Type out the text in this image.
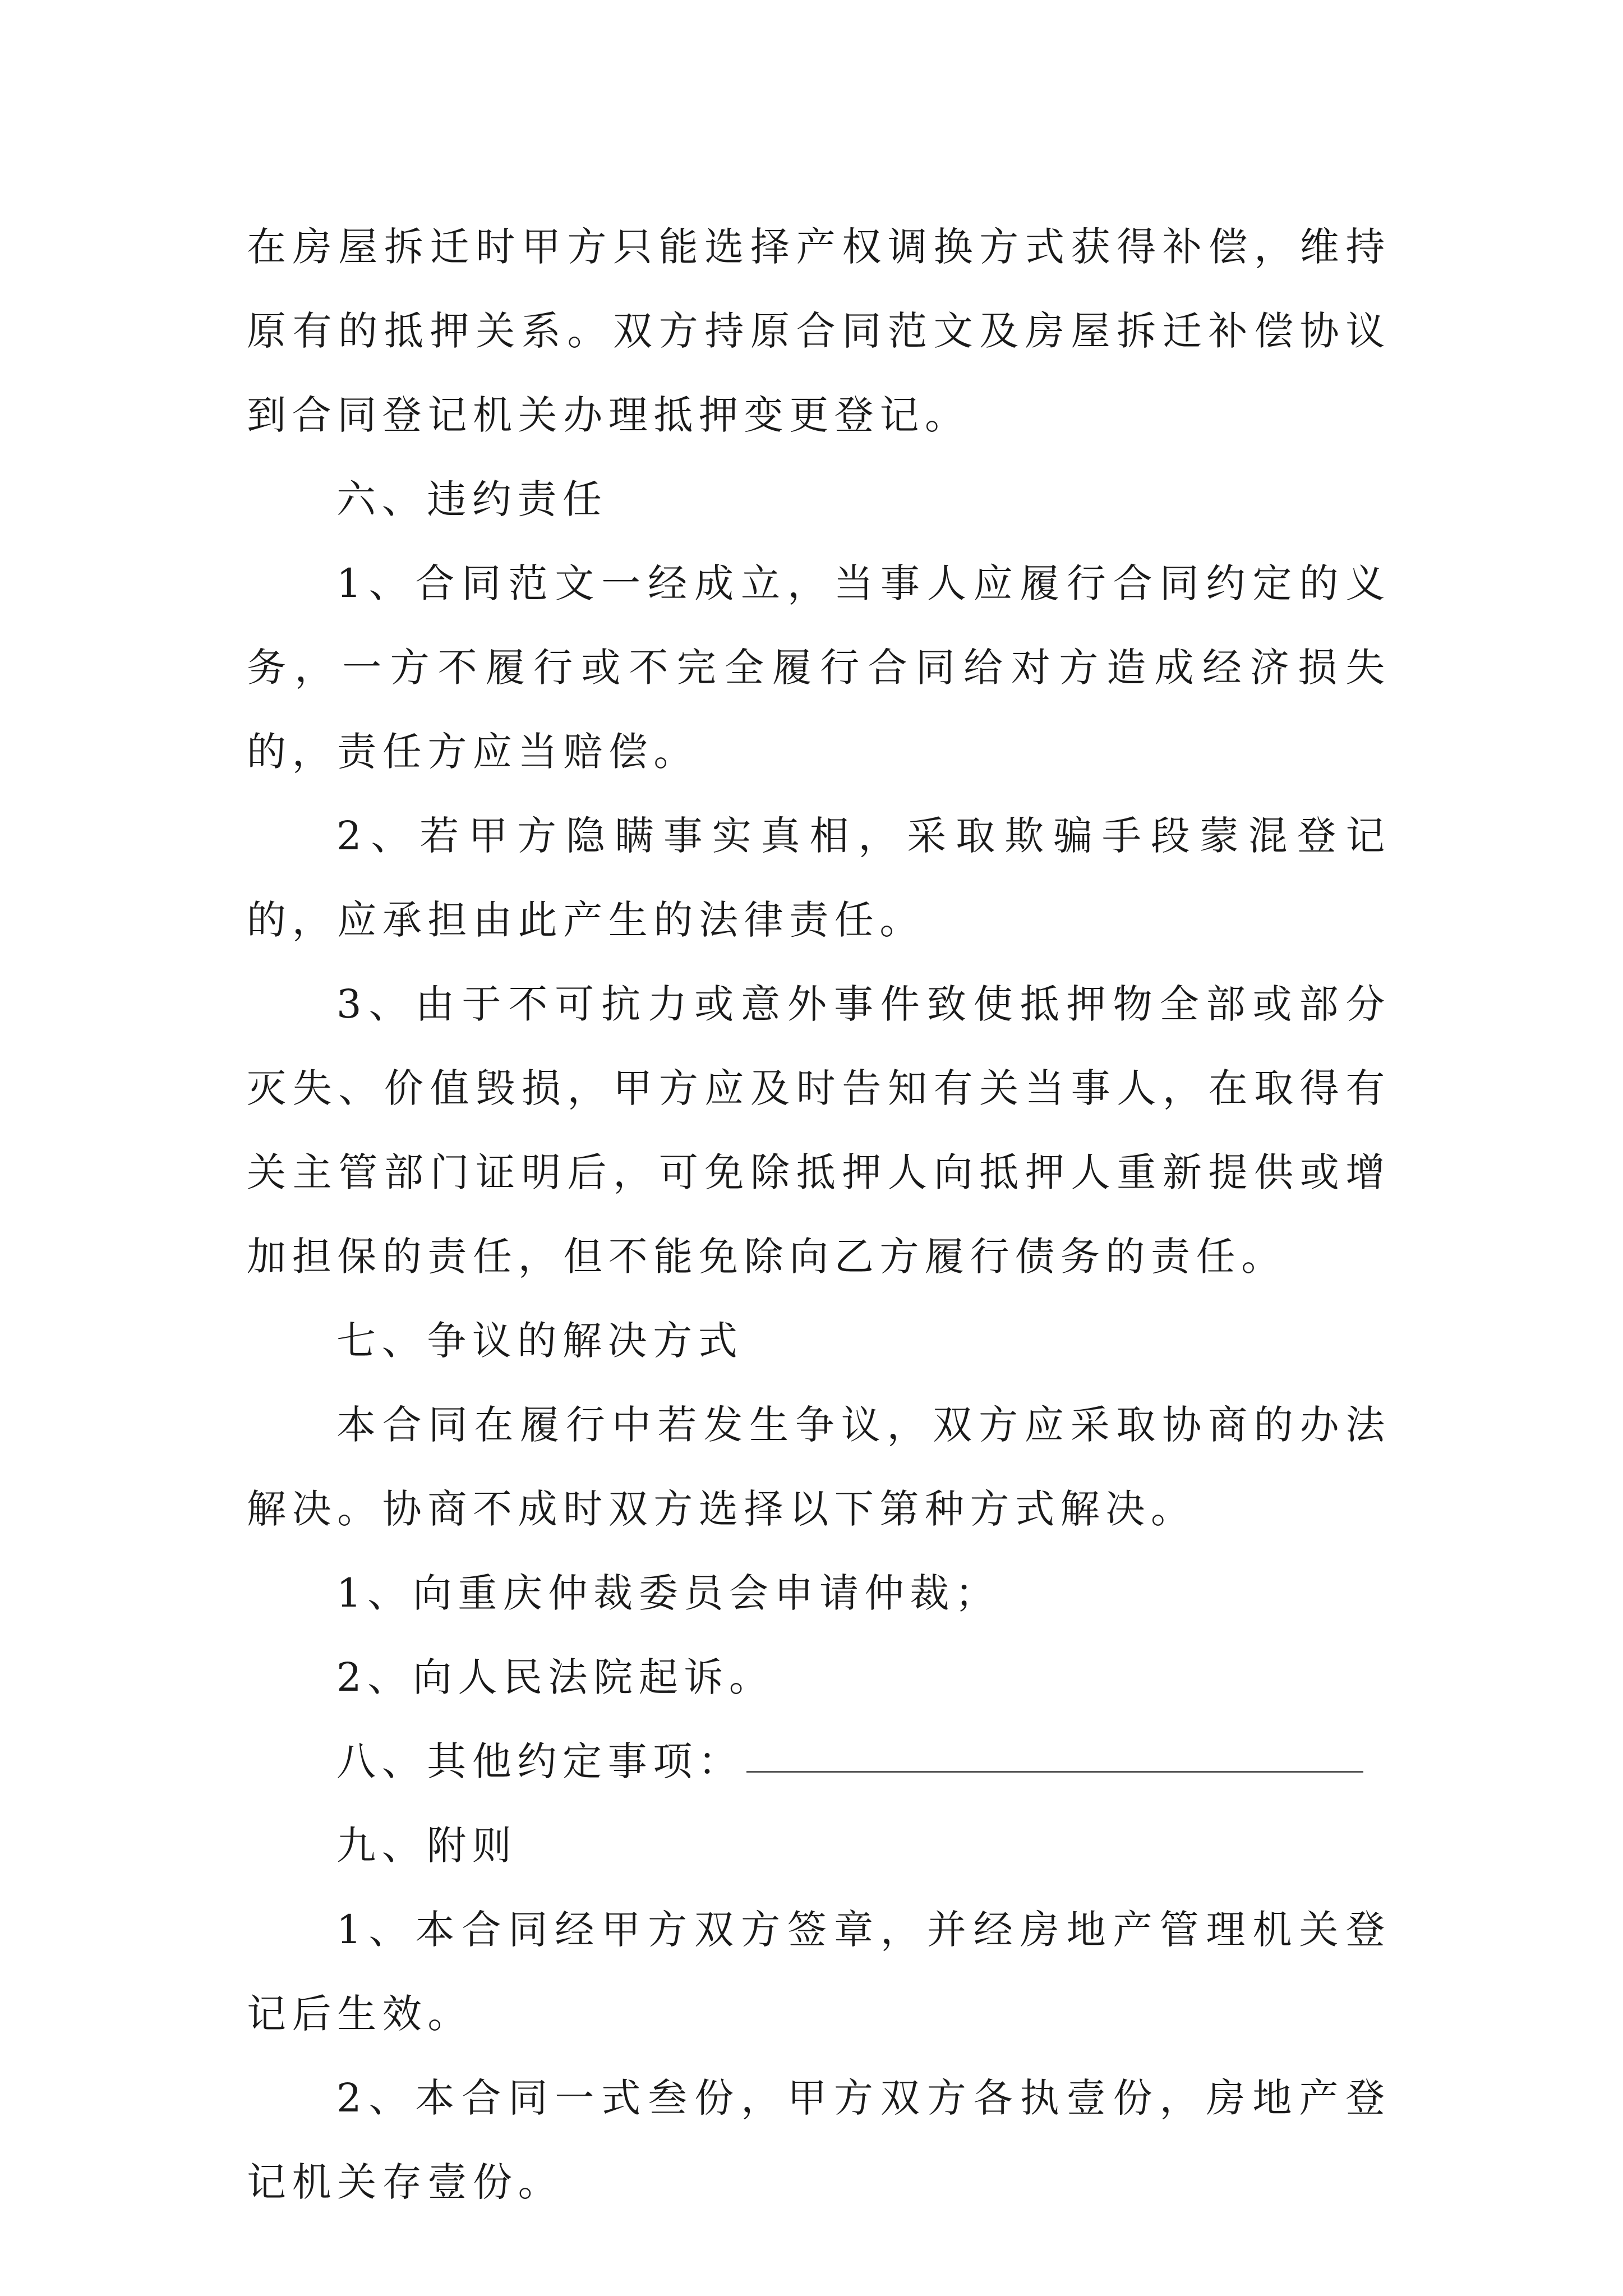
在房屋拆迁时甲方只能选择产权调换方式获得补偿，维持原有的抵押关系。双方持原合同范文及房屋拆迁补偿协议到合同登记机关办理抵押变更登记。

六、违约责任

1、合同范文一经成立，当事人应履行合同约定的义务，一方不履行或不完全履行合同给对方造成经济损失的，责任方应当赔偿。

2、若甲方隐瞒事实真相，采取欺骗手段蒙混登记的，应承担由此产生的法律责任。

3、由于不可抗力或意外事件致使抵押物全部或部分灭失、价值毁损，甲方应及时告知有关当事人，在取得有关主管部门证明后，可免除抵押人向抵押人重新提供或增加担保的责任，但不能免除向乙方履行债务的责任。

七、争议的解决方式

本合同在履行中若发生争议，双方应采取协商的办法解决。协商不成时双方选择以下第种方式解决。

1、向重庆仲裁委员会申请仲裁；

2、向人民法院起诉。

八、其他约定事项：

九、附则

1、本合同经甲方双方签章，并经房地产管理机关登记后生效。

2、本合同一式叁份，甲方双方各执壹份，房地产登记机关存壹份。
